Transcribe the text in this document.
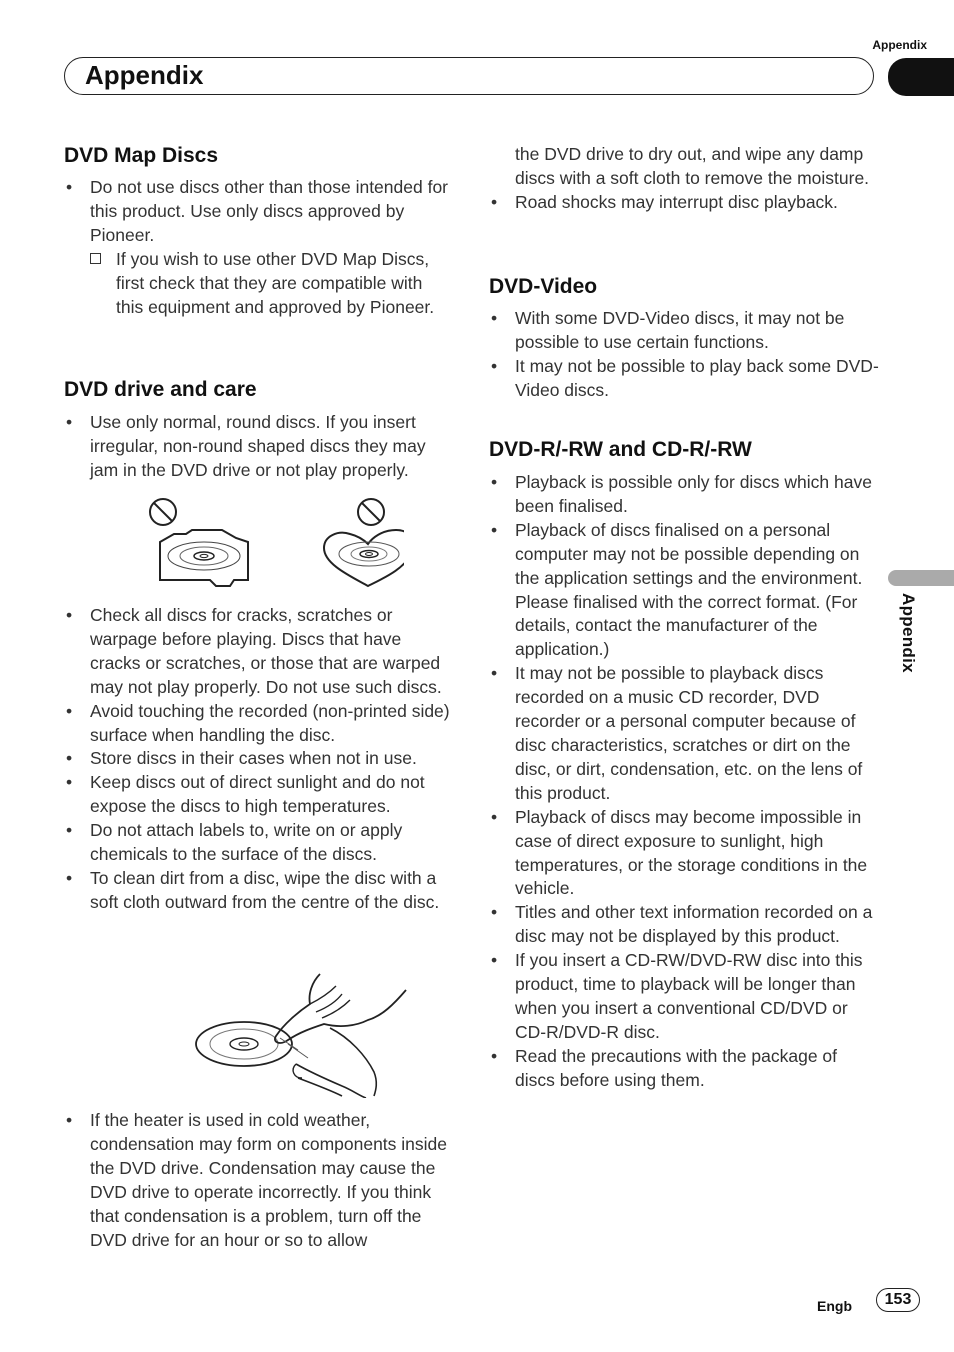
Appendix
Appendix
Appendix
DVD Map Discs
• Do not use discs other than those intended for this product. Use only discs approved by Pioneer.
If you wish to use other DVD Map Discs, first check that they are compatible with this equipment and approved by Pioneer.
DVD drive and care
• Use only normal, round discs. If you insert irregular, non-round shaped discs they may jam in the DVD drive or not play properly.
• Check all discs for cracks, scratches or warpage before playing. Discs that have cracks or scratches, or those that are warped may not play properly. Do not use such discs.
• Avoid touching the recorded (non-printed side) surface when handling the disc.
• Store discs in their cases when not in use.
• Keep discs out of direct sunlight and do not expose the discs to high temperatures.
• Do not attach labels to, write on or apply chemicals to the surface of the discs.
• To clean dirt from a disc, wipe the disc with a soft cloth outward from the centre of the disc.
• If the heater is used in cold weather, condensation may form on components inside the DVD drive. Condensation may cause the DVD drive to operate incorrectly. If you think that condensation is a problem, turn off the DVD drive for an hour or so to allow
the DVD drive to dry out, and wipe any damp discs with a soft cloth to remove the moisture.
• Road shocks may interrupt disc playback.
DVD-Video
• With some DVD-Video discs, it may not be possible to use certain functions.
• It may not be possible to play back some DVD-Video discs.
DVD-R/-RW and CD-R/-RW
• Playback is possible only for discs which have been finalised.
• Playback of discs finalised on a personal computer may not be possible depending on the application settings and the environment. Please finalised with the correct format. (For details, contact the manufacturer of the application.)
• It may not be possible to playback discs recorded on a music CD recorder, DVD recorder or a personal computer because of disc characteristics, scratches or dirt on the disc, or dirt, condensation, etc. on the lens of this product.
• Playback of discs may become impossible in case of direct exposure to sunlight, high temperatures, or the storage conditions in the vehicle.
• Titles and other text information recorded on a disc may not be displayed by this product.
• If you insert a CD-RW/DVD-RW disc into this product, time to playback will be longer than when you insert a conventional CD/DVD or CD-R/DVD-R disc.
• Read the precautions with the package of discs before using them.
Engb	153
